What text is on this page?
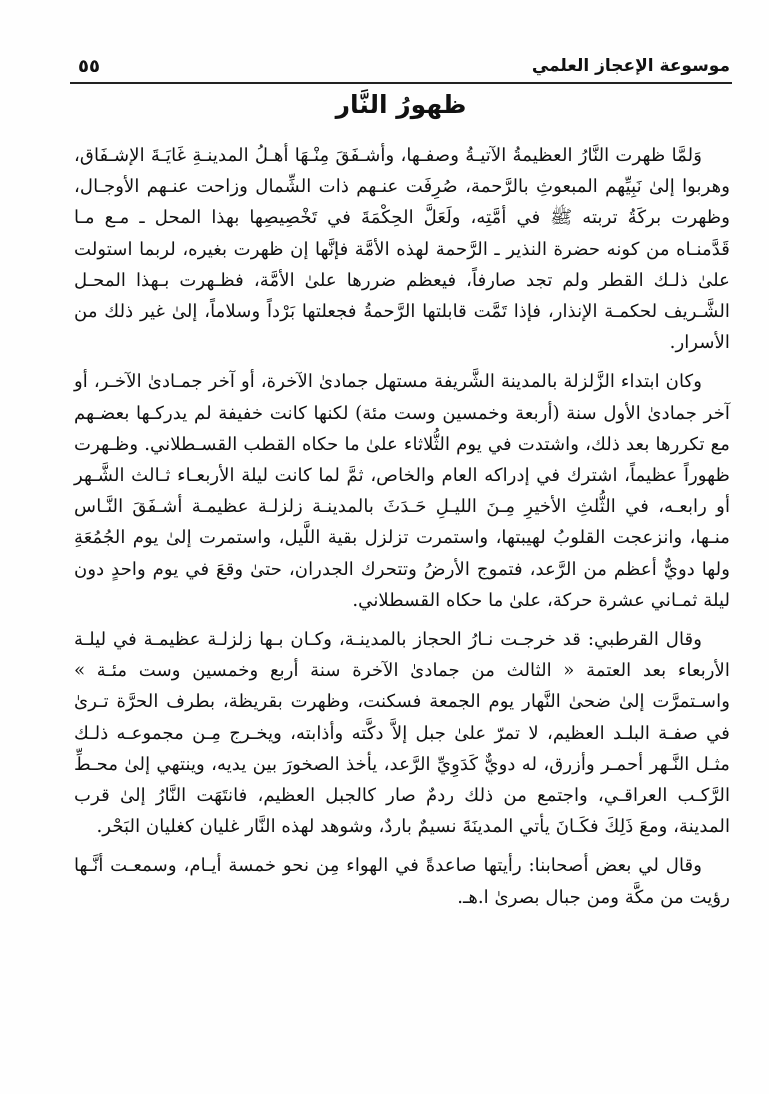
موسوعة الإعجاز العلمي
٥٥
ظهورُ النَّار

وَلمَّا ظهرت النَّارُ العظيمةُ الآتيـةُ وصفـها، وأشـفَقَ مِنْـهَا أهـلُ المدينـةِ غَايَـةَ الإشـفَاق، وهربوا إلىٰ نَبِيِّهم المبعوثِ بالرَّحمة، صُرِفَت عنـهم ذات الشِّمال وزاحت عنـهم الأوجـال، وظهرت بركَةُ تربته ﷺ في أمَّتِه، ولَعَلَّ الحِكْمَةَ في تَخْصِيصِها بهذا المحل ـ مـع مـا قَدَّمنـاه من كونه حضرة النذير ـ الرَّحمة لهذه الأمَّة فإنَّها إن ظهرت بغيره، لربما استولت علىٰ ذلـك القطر ولم تجد صارفاً، فيعظم ضررها علىٰ الأمَّة، فظـهرت بـهذا المحـل الشَّـريف لحكمـة الإنذار، فإذا تَمَّت قابلتها الرَّحمةُ فجعلتها بَرْداً وسلاماً، إلىٰ غير ذلك من الأسرار.

وكان ابتداء الزَّلزلة بالمدينة الشَّريفة مستهل جمادىٰ الآخرة، أو آخر جمـادىٰ الآخـر، أو آخر جمادىٰ الأول سنة (أربعة وخمسين وست مئة) لكنها كانت خفيفة لم يدركـها بعضـهم مع تكررها بعد ذلك، واشتدت في يوم الثُّلاثاء علىٰ ما حكاه القطب القسـطلاني. وظـهرت ظهوراً عظيماً، اشترك في إدراكه العام والخاص، ثمَّ لما كانت ليلة الأربعـاء ثـالث الشَّـهر أو رابعـه، في الثُّلثِ الأخيرِ مِـنَ الليـلِ حَـدَثَ بالمدينـة زلزلـة عظيمـة أشـفَقَ النَّـاس منـها، وانزعجت القلوبُ لهيبتها، واستمرت تزلزل بقية اللَّيل، واستمرت إلىٰ يوم الجُمُعَةِ ولها دويٌّ أعظم من الرَّعد، فتموج الأرضُ وتتحرك الجدران، حتىٰ وقعَ في يوم واحدٍ دون ليلة ثمـاني عشرة حركة، علىٰ ما حكاه القسطلاني.

وقال القرطبي: قد خرجـت نـارُ الحجاز بالمدينـة، وكـان بـها زلزلـة عظيمـة في ليلـة الأربعاء بعد العتمة « الثالث من جمادىٰ الآخرة سنة أربع وخمسين وست مئـة » واسـتمرَّت إلىٰ ضحىٰ النَّهار يوم الجمعة فسكنت، وظهرت بقريظة، بطرف الحرَّة تـرىٰ في صفـة البلـد العظيم، لا تمرّ علىٰ جبل إلاَّ دكَّته وأذابته، ويخـرج مِـن مجموعـه ذلـك مثـل النَّـهر أحمـر وأزرق، له دويٌّ كَدَوِيِّ الرَّعد، يأخذ الصخورَ بين يديه، وينتهي إلىٰ محـطِّ الرَّكـب العراقـي، واجتمع من ذلك ردمٌ صار كالجبل العظيم، فانتَهَت النَّارُ إلىٰ قرب المدينة، ومعَ ذَلِكَ فكَـانَ يأتي المدينَةَ نسيمٌ باردٌ، وشوهد لهذه النَّار غليان كغليان البَحْر.

وقال لي بعض أصحابنا: رأيتها صاعدةً في الهواء مِن نحو خمسة أيـام، وسمعـت أنَّـها رؤيت من مكَّة ومن جبال بصرىٰ ا.هـ.
